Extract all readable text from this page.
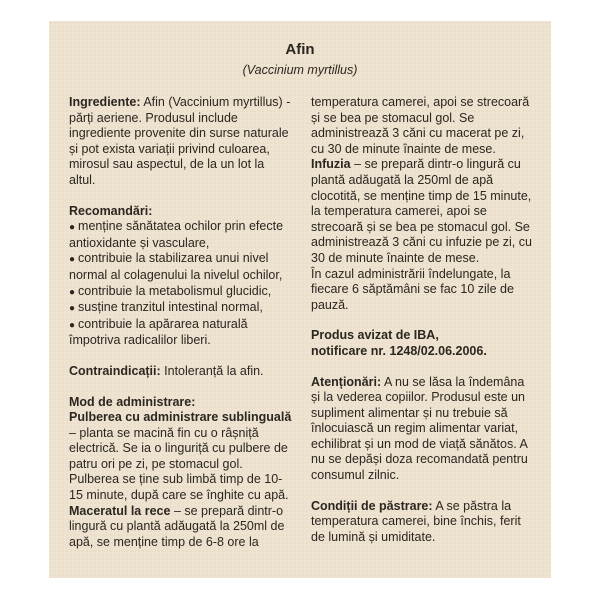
Afin
(Vaccinium myrtillus)

Ingrediente: Afin (Vaccinium myrtillus) - părți aeriene. Produsul include ingrediente provenite din surse naturale și pot exista variații privind culoarea, mirosul sau aspectul, de la un lot la altul.

Recomandări:

● menține sănătatea ochilor prin efecte antioxidante și vasculare,
● contribuie la stabilizarea unui nivel normal al colagenului la nivelul ochilor,
● contribuie la metabolismul glucidic,
● susține tranzitul intestinal normal,
● contribuie la apărarea naturală împotriva radicalilor liberi.

Contraindicații: Intoleranță la afin.

Mod de administrare:

Pulberea cu administrare sublinguală – planta se macină fin cu o râșniță electrică. Se ia o linguriță cu pulbere de patru ori pe zi, pe stomacul gol. Pulberea se ține sub limbă timp de 10-15 minute, după care se înghite cu apă.

Maceratul la rece – se prepară dintr-o lingură cu plantă adăugată la 250ml de apă, se menține timp de 6-8 ore la

temperatura camerei, apoi se strecoară și se bea pe stomacul gol. Se administrează 3 căni cu macerat pe zi, cu 30 de minute înainte de mese.

Infuzia – se prepară dintr-o lingură cu plantă adăugată la 250ml de apă clocotită, se menține timp de 15 minute, la temperatura camerei, apoi se strecoară și se bea pe stomacul gol. Se administrează 3 căni cu infuzie pe zi, cu 30 de minute înainte de mese.

În cazul administrării îndelungate, la fiecare 6 săptămâni se fac 10 zile de pauză.

Produs avizat de IBA,

notificare nr. 1248/02.06.2006.

Atenționări: A nu se lăsa la îndemâna și la vederea copiilor. Produsul este un supliment alimentar și nu trebuie să înlocuiască un regim alimentar variat, echilibrat și un mod de viață sănătos. A nu se depăși doza recomandată pentru consumul zilnic.

Condiții de păstrare: A se păstra la temperatura camerei, bine închis, ferit de lumină și umiditate.
